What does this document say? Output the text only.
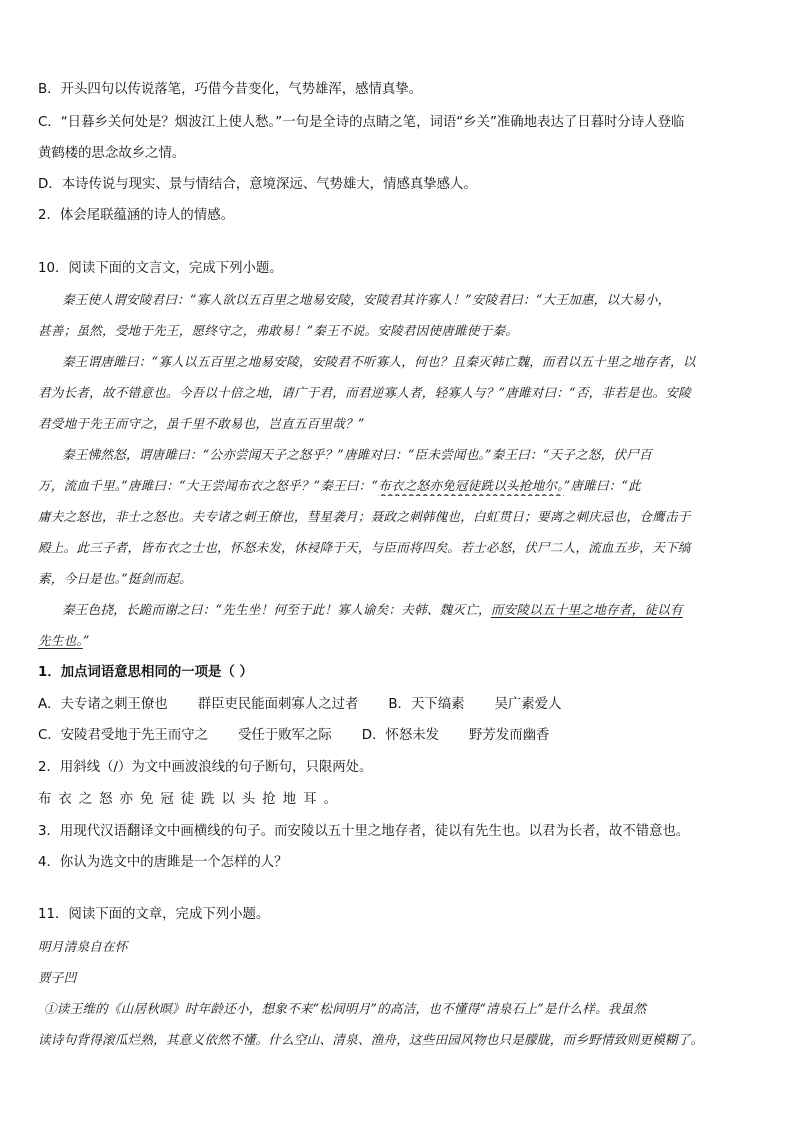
B．开头四句以传说落笔，巧借今昔变化，气势雄浑，感情真挚。
C．“日暮乡关何处是？烟波江上使人愁。”一句是全诗的点睛之笔，词语“乡关”准确地表达了日暮时分诗人登临
黄鹤楼的思念故乡之情。
D．本诗传说与现实、景与情结合，意境深远、气势雄大，情感真挚感人。
2．体会尾联蕴涵的诗人的情感。
10．阅读下面的文言文，完成下列小题。
秦王使人谓安陵君曰：“寡人欲以五百里之地易安陵，安陵君其许寡人！”安陵君曰：“大王加惠，以大易小，
甚善；虽然，受地于先王，愿终守之，弗敢易！”秦王不说。安陵君因使唐雎使于秦。
秦王谓唐雎曰：“寡人以五百里之地易安陵，安陵君不听寡人，何也？且秦灭韩亡魏，而君以五十里之地存者，以
君为长者，故不错意也。今吾以十倍之地，请广于君，而君逆寡人者，轻寡人与？”唐雎对曰：“否，非若是也。安陵
君受地于先王而守之，虽千里不敢易也，岂直五百里哉？”
秦王怫然怒，谓唐雎曰：“公亦尝闻天子之怒乎？”唐雎对曰：“臣未尝闻也。”秦王曰：“天子之怒，伏尸百
万，流血千里。”唐雎曰：“大王尝闻布衣之怒乎？”秦王曰：“布衣之怒亦免冠徒跣以头抢地尔。”唐雎曰：“此
庸夫之怒也，非士之怒也。夫专诸之刺王僚也，彗星袭月；聂政之刺韩傀也，白虹贯日；要离之刺庆忌也，仓鹰击于
殿上。此三子者，皆布衣之士也，怀怒未发，休祲降于天，与臣而将四矣。若士必怒，伏尸二人，流血五步，天下缟
素，今日是也。”挺剑而起。
秦王色挠，长跪而谢之曰：“先生坐！何至于此！寡人谕矣：夫韩、魏灭亡，而安陵以五十里之地存者，徒以有
先生也。”
1．加点词语意思相同的一项是（ ）
A．夫专诸之刺王僚也 群臣吏民能面刺寡人之过者 B．天下缟素 吴广素爱人
C．安陵君受地于先王而守之 受任于败军之际 D．怀怒未发 野芳发而幽香
2．用斜线（/）为文中画波浪线的句子断句，只限两处。
布衣之怒亦免冠徒跣以头抢地耳。
3．用现代汉语翻译文中画横线的句子。而安陵以五十里之地存者，徒以有先生也。以君为长者，故不错意也。
4．你认为选文中的唐雎是一个怎样的人？
11．阅读下面的文章，完成下列小题。
明月清泉自在怀
贾子凹
①读王维的《山居秋暝》时年龄还小，想象不来“松间明月”的高洁，也不懂得“清泉石上”是什么样。我虽然
读诗句背得滚瓜烂熟，其意义依然不懂。什么空山、清泉、渔舟，这些田园风物也只是朦胧，而乡野情致则更模糊了。
